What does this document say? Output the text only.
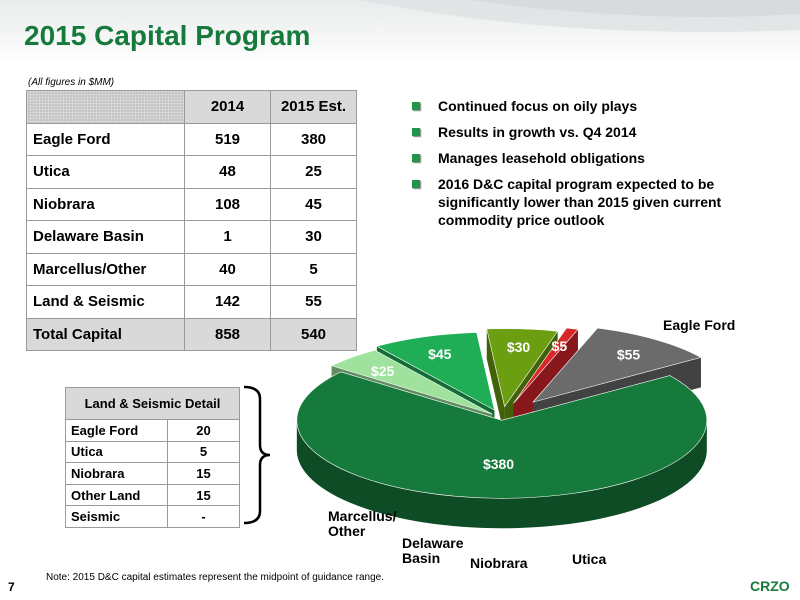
2015 Capital Program
(All figures in $MM)
	2014	2015 Est.
Eagle Ford	519	380
Utica	48	25
Niobrara	108	45
Delaware Basin	1	30
Marcellus/Other	40	5
Land & Seismic	142	55
Total Capital	858	540
Continued focus on oily plays
Results in growth vs. Q4 2014
Manages leasehold obligations
2016 D&C capital program expected to be significantly lower than 2015 given current commodity price outlook
Land & Seismic Detail	
Eagle Ford	20
Utica	5
Niobrara	15
Other Land	15
Seismic	-
$380
$25
$45	$30 $5
$55
Eagle Ford
Utica
Niobrara
Delaware Basin
Marcellus/ Other
Note: 2015 D&C capital estimates represent the midpoint of guidance range.
7	CRZO
